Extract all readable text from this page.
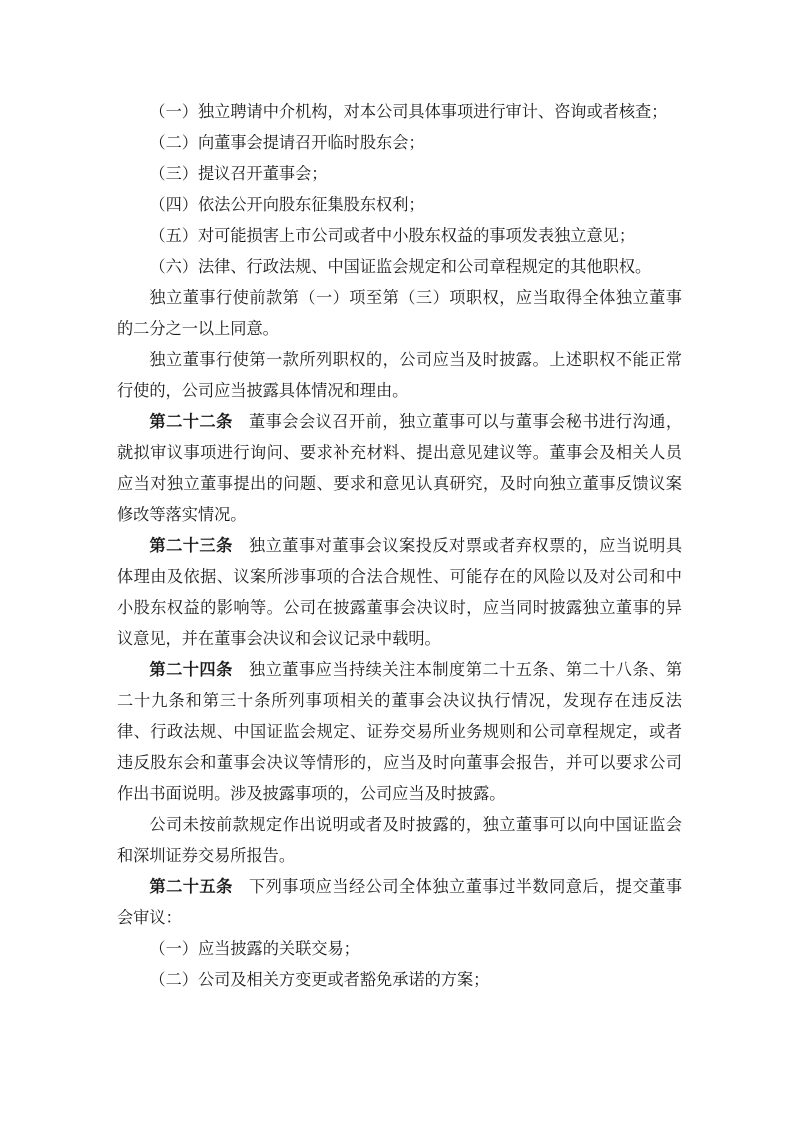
（一）独立聘请中介机构，对本公司具体事项进行审计、咨询或者核查；

（二）向董事会提请召开临时股东会；

（三）提议召开董事会；

（四）依法公开向股东征集股东权利；

（五）对可能损害上市公司或者中小股东权益的事项发表独立意见；

（六）法律、行政法规、中国证监会规定和公司章程规定的其他职权。

独立董事行使前款第（一）项至第（三）项职权，应当取得全体独立董事的二分之一以上同意。

独立董事行使第一款所列职权的，公司应当及时披露。上述职权不能正常行使的，公司应当披露具体情况和理由。

第二十二条 董事会会议召开前，独立董事可以与董事会秘书进行沟通，就拟审议事项进行询问、要求补充材料、提出意见建议等。董事会及相关人员应当对独立董事提出的问题、要求和意见认真研究，及时向独立董事反馈议案修改等落实情况。

第二十三条 独立董事对董事会议案投反对票或者弃权票的，应当说明具体理由及依据、议案所涉事项的合法合规性、可能存在的风险以及对公司和中小股东权益的影响等。公司在披露董事会决议时，应当同时披露独立董事的异议意见，并在董事会决议和会议记录中载明。

第二十四条 独立董事应当持续关注本制度第二十五条、第二十八条、第二十九条和第三十条所列事项相关的董事会决议执行情况，发现存在违反法律、行政法规、中国证监会规定、证券交易所业务规则和公司章程规定，或者违反股东会和董事会决议等情形的，应当及时向董事会报告，并可以要求公司作出书面说明。涉及披露事项的，公司应当及时披露。

公司未按前款规定作出说明或者及时披露的，独立董事可以向中国证监会和深圳证券交易所报告。

第二十五条 下列事项应当经公司全体独立董事过半数同意后，提交董事会审议：

（一）应当披露的关联交易；

（二）公司及相关方变更或者豁免承诺的方案；
